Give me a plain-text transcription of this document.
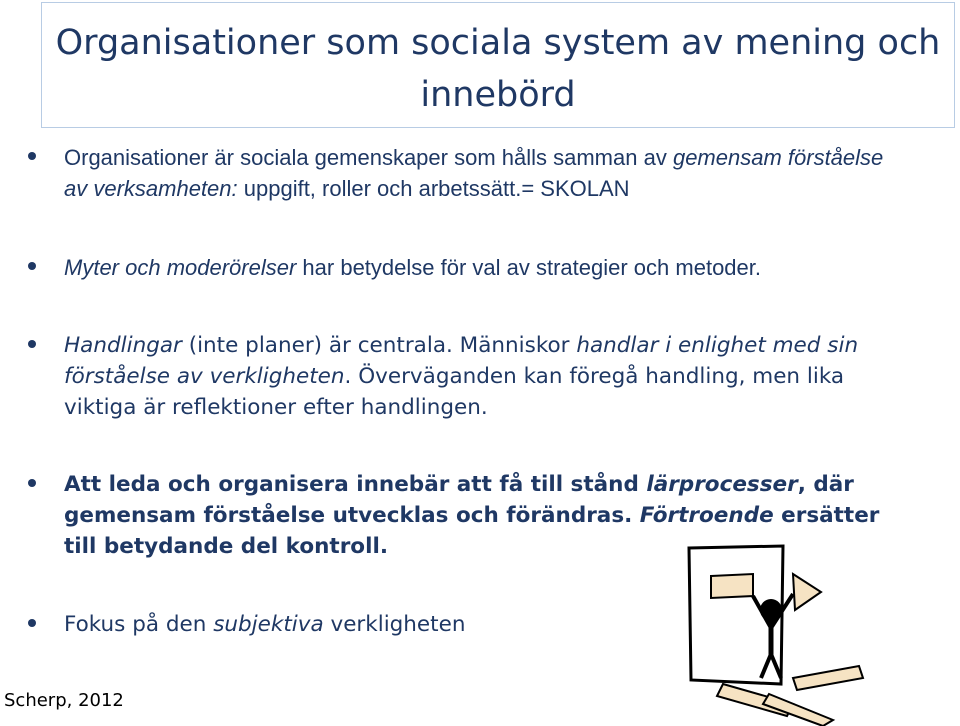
Organisationer som sociala system av mening och innebörd
Organisationer är sociala gemenskaper som hålls samman av gemensam förståelse av verksamheten: uppgift, roller och arbetssätt.= SKOLAN
Myter och moderörelser har betydelse för val av strategier och metoder.
Handlingar (inte planer) är centrala. Människor handlar i enlighet med sin förståelse av verkligheten. Överväganden kan föregå handling, men lika viktiga är reflektioner efter handlingen.
Att leda och organisera innebär att få till stånd lärprocesser, där gemensam förståelse utvecklas och förändras. Förtroende ersätter till betydande del kontroll.
Fokus på den subjektiva verkligheten
Scherp, 2012
